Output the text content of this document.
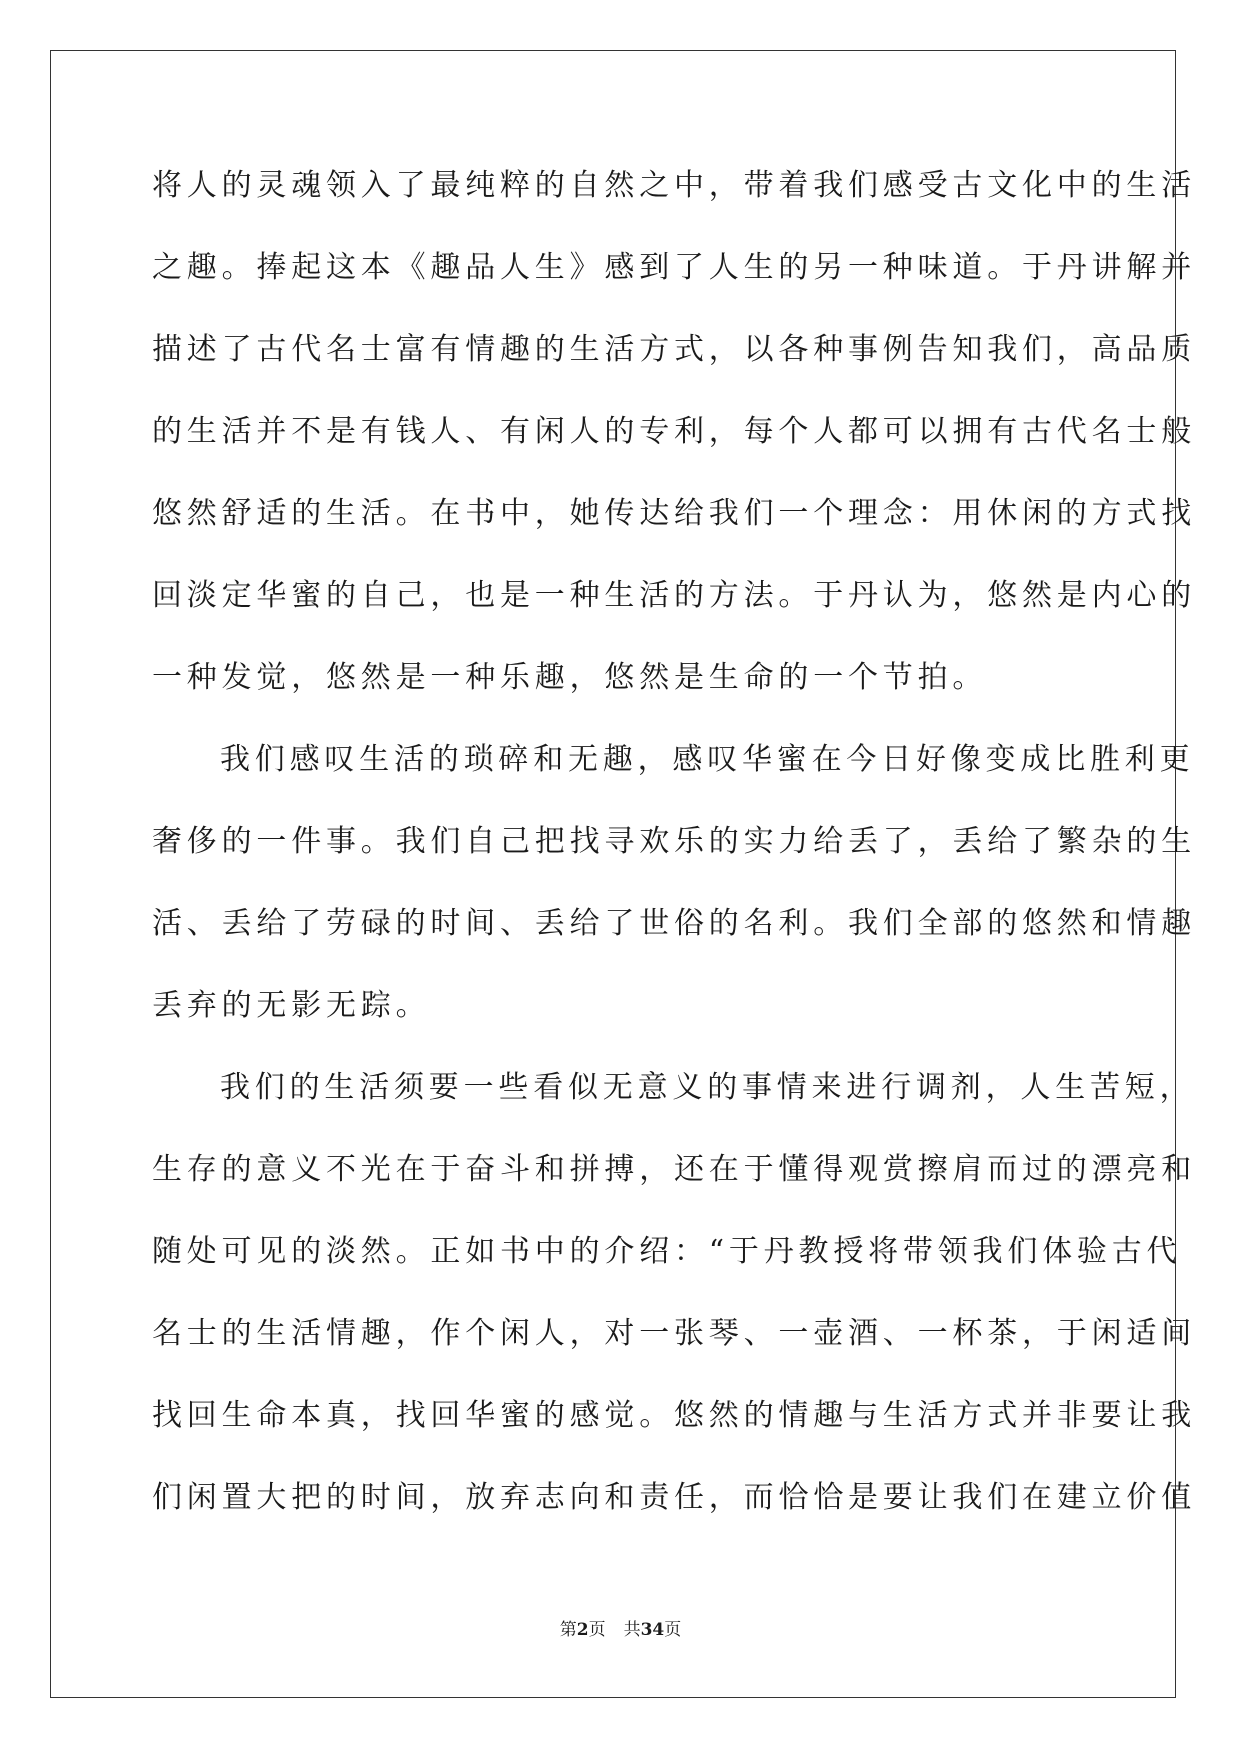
将人的灵魂领入了最纯粹的自然之中，带着我们感受古文化中的生活
之趣。捧起这本《趣品人生》感到了人生的另一种味道。于丹讲解并
描述了古代名士富有情趣的生活方式，以各种事例告知我们，高品质
的生活并不是有钱人、有闲人的专利，每个人都可以拥有古代名士般
悠然舒适的生活。在书中，她传达给我们一个理念：用休闲的方式找
回淡定华蜜的自己，也是一种生活的方法。于丹认为，悠然是内心的
一种发觉，悠然是一种乐趣，悠然是生命的一个节拍。
我们感叹生活的琐碎和无趣，感叹华蜜在今日好像变成比胜利更
奢侈的一件事。我们自己把找寻欢乐的实力给丢了，丢给了繁杂的生
活、丢给了劳碌的时间、丢给了世俗的名利。我们全部的悠然和情趣
丢弃的无影无踪。
我们的生活须要一些看似无意义的事情来进行调剂，人生苦短，
生存的意义不光在于奋斗和拼搏，还在于懂得观赏擦肩而过的漂亮和
随处可见的淡然。正如书中的介绍：“于丹教授将带领我们体验古代
名士的生活情趣，作个闲人，对一张琴、一壶酒、一杯茶，于闲适间
找回生命本真，找回华蜜的感觉。悠然的情趣与生活方式并非要让我
们闲置大把的时间，放弃志向和责任，而恰恰是要让我们在建立价值
第2页 共34页
